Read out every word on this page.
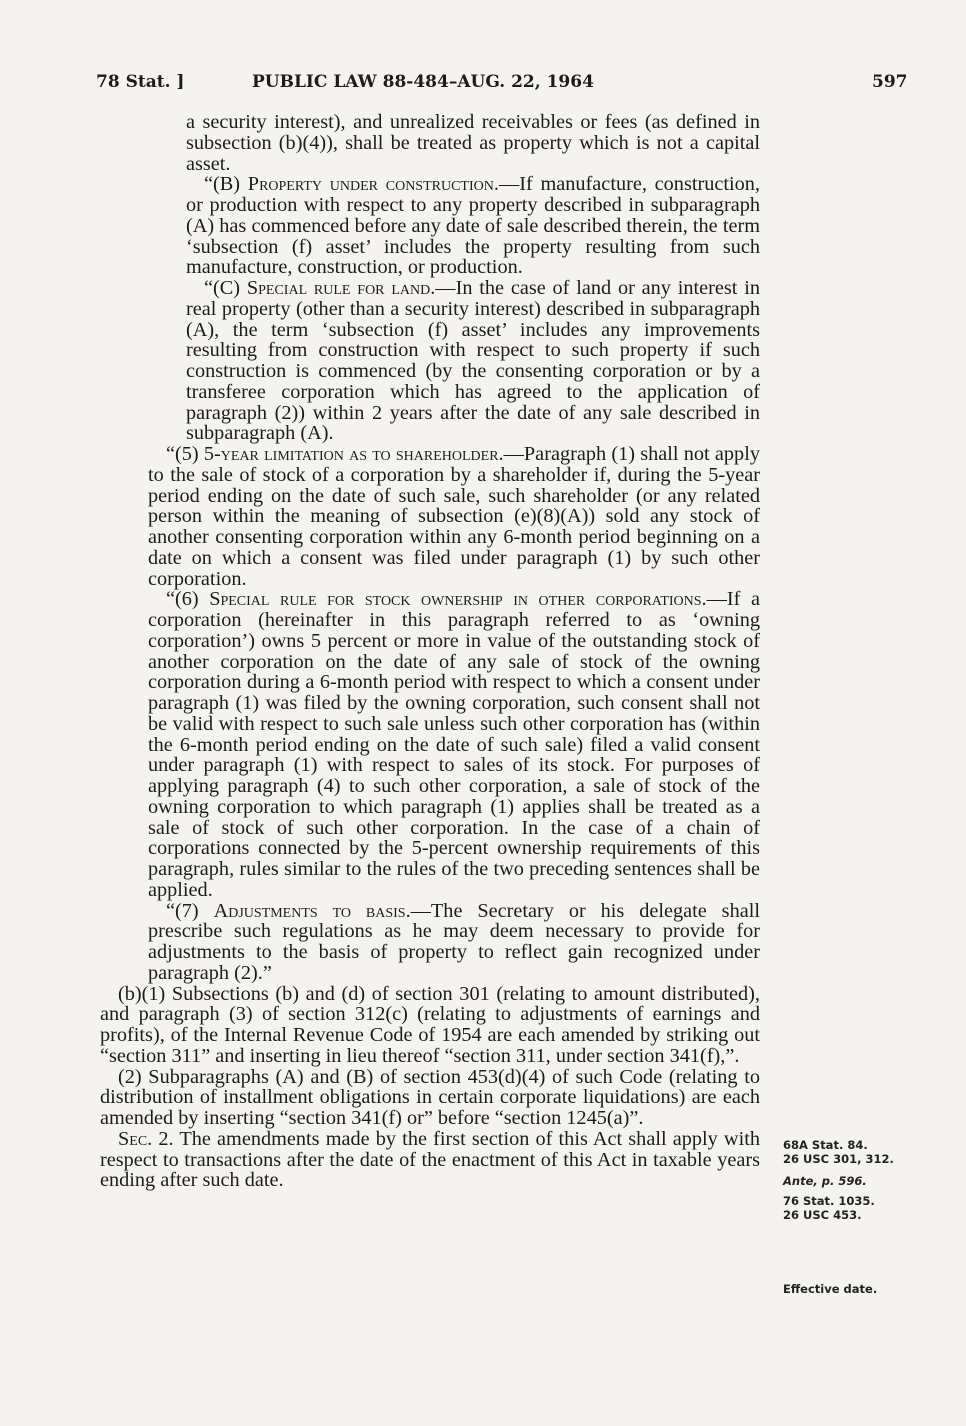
78 Stat. ]	PUBLIC LAW 88-484–AUG. 22, 1964	597

a security interest), and unrealized receivables or fees (as defined in subsection (b)(4)), shall be treated as property which is not a capital asset.

“(B) Property under construction.—If manufacture, construction, or production with respect to any property described in subparagraph (A) has commenced before any date of sale described therein, the term ‘subsection (f) asset’ includes the property resulting from such manufacture, construction, or production.

“(C) Special rule for land.—In the case of land or any interest in real property (other than a security interest) described in subparagraph (A), the term ‘subsection (f) asset’ includes any improvements resulting from construction with respect to such property if such construction is commenced (by the consenting corporation or by a transferee corporation which has agreed to the application of paragraph (2)) within 2 years after the date of any sale described in subparagraph (A).

“(5) 5-year limitation as to shareholder.—Paragraph (1) shall not apply to the sale of stock of a corporation by a shareholder if, during the 5-year period ending on the date of such sale, such shareholder (or any related person within the meaning of subsection (e)(8)(A)) sold any stock of another consenting corporation within any 6-month period beginning on a date on which a consent was filed under paragraph (1) by such other corporation.

“(6) Special rule for stock ownership in other corporations.—If a corporation (hereinafter in this paragraph referred to as ‘owning corporation’) owns 5 percent or more in value of the outstanding stock of another corporation on the date of any sale of stock of the owning corporation during a 6-month period with respect to which a consent under paragraph (1) was filed by the owning corporation, such consent shall not be valid with respect to such sale unless such other corporation has (within the 6-month period ending on the date of such sale) filed a valid consent under paragraph (1) with respect to sales of its stock. For purposes of applying paragraph (4) to such other corporation, a sale of stock of the owning corporation to which paragraph (1) applies shall be treated as a sale of stock of such other corporation. In the case of a chain of corporations connected by the 5-percent ownership requirements of this paragraph, rules similar to the rules of the two preceding sentences shall be applied.

“(7) Adjustments to basis.—The Secretary or his delegate shall prescribe such regulations as he may deem necessary to provide for adjustments to the basis of property to reflect gain recognized under paragraph (2).”

(b)(1) Subsections (b) and (d) of section 301 (relating to amount distributed), and paragraph (3) of section 312(c) (relating to adjustments of earnings and profits), of the Internal Revenue Code of 1954 are each amended by striking out “section 311” and inserting in lieu thereof “section 311, under section 341(f),”.

(2) Subparagraphs (A) and (B) of section 453(d)(4) of such Code (relating to distribution of installment obligations in certain corporate liquidations) are each amended by inserting “section 341(f) or” before “section 1245(a)”.

Sec. 2. The amendments made by the first section of this Act shall apply with respect to transactions after the date of the enactment of this Act in taxable years ending after such date.

68A Stat. 84.
26 USC 301, 312.
Ante, p. 596.
76 Stat. 1035.
26 USC 453.
Effective date.
